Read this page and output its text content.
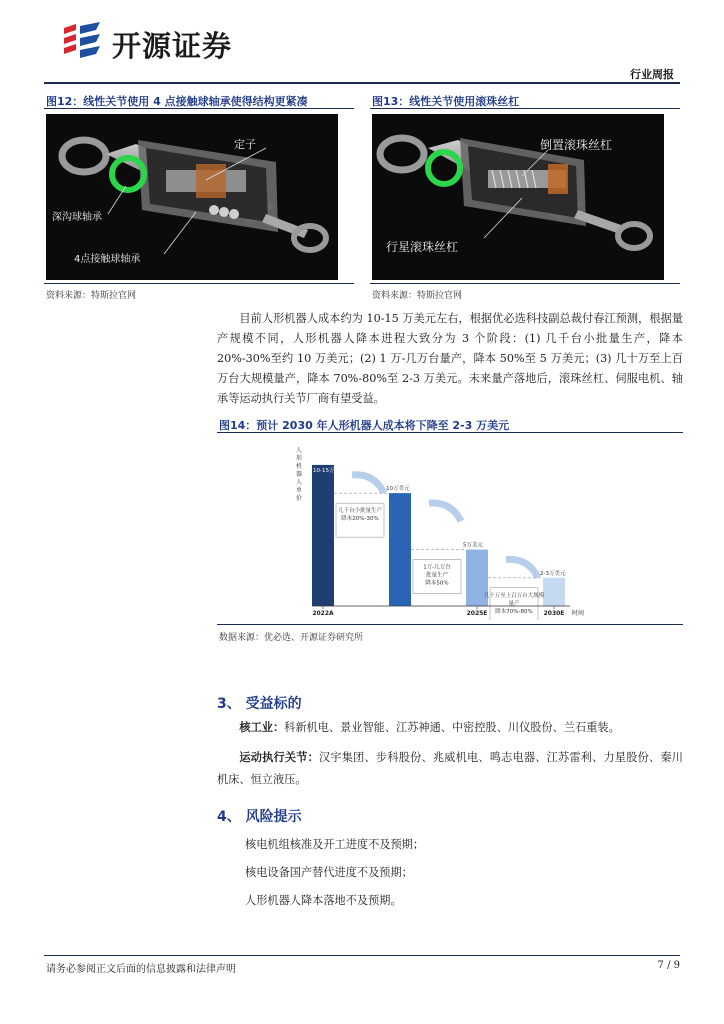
开源证券
行业周报
图12：线性关节使用 4 点接触球轴承使得结构更紧凑
定子
深沟球轴承
4点接触球轴承
资料来源：特斯拉官网
图13：线性关节使用滚珠丝杠
倒置滚珠丝杠
行星滚珠丝杠
资料来源：特斯拉官网
目前人形机器人成本约为 10-15 万美元左右，根据优必选科技副总裁付春江预测，根据量产规模不同，人形机器人降本进程大致分为 3 个阶段：(1) 几千台小批量生产，降本 20%-30%至约 10 万美元；(2) 1 万-几万台量产，降本 50%至 5 万美元；(3) 几十万至上百万台大规模量产，降本 70%-80%至 2-3 万美元。未来量产落地后，滚珠丝杠、伺服电机、轴承等运动执行关节厂商有望受益。
图14：预计 2030 年人形机器人成本将下降至 2-3 万美元
人形机器人单价
10-15万美元
10万美元
5万美元
2-3万美元
几千台小批量生产降本20%-30%
1万-几万台批量生产降本50%
几十万至上百万台大规模量产降本70%-80%
2022A	2025E	2030E 时间
数据来源：优必选、开源证券研究所
3、 受益标的
核工业：科新机电、景业智能、江苏神通、中密控股、川仪股份、兰石重装。
运动执行关节：汉宇集团、步科股份、兆威机电、鸣志电器、江苏雷利、力星股份、秦川机床、恒立液压。
4、 风险提示
核电机组核准及开工进度不及预期；
核电设备国产替代进度不及预期；
人形机器人降本落地不及预期。
请务必参阅正文后面的信息披露和法律声明	7 / 9
